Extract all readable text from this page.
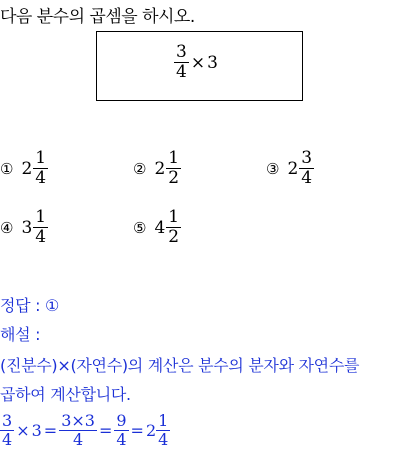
다음 분수의 곱셈을 하시오.
$\frac{3}{4} \times 3$
① $2 \frac{1}{4}$	② $2 \frac{1}{2}$	③ $2 \frac{3}{4}$
④ $3 \frac{1}{4}$	⑤ $4 \frac{1}{2}$
정답 : ①
해설 :
(진분수)×(자연수)의 계산은 분수의 분자와 자연수를
곱하여 계산합니다.
$\frac{3}{4} \times 3 = \frac{3\times 3}{4} = \frac{9}{4} = 2 \frac{1}{4}$
